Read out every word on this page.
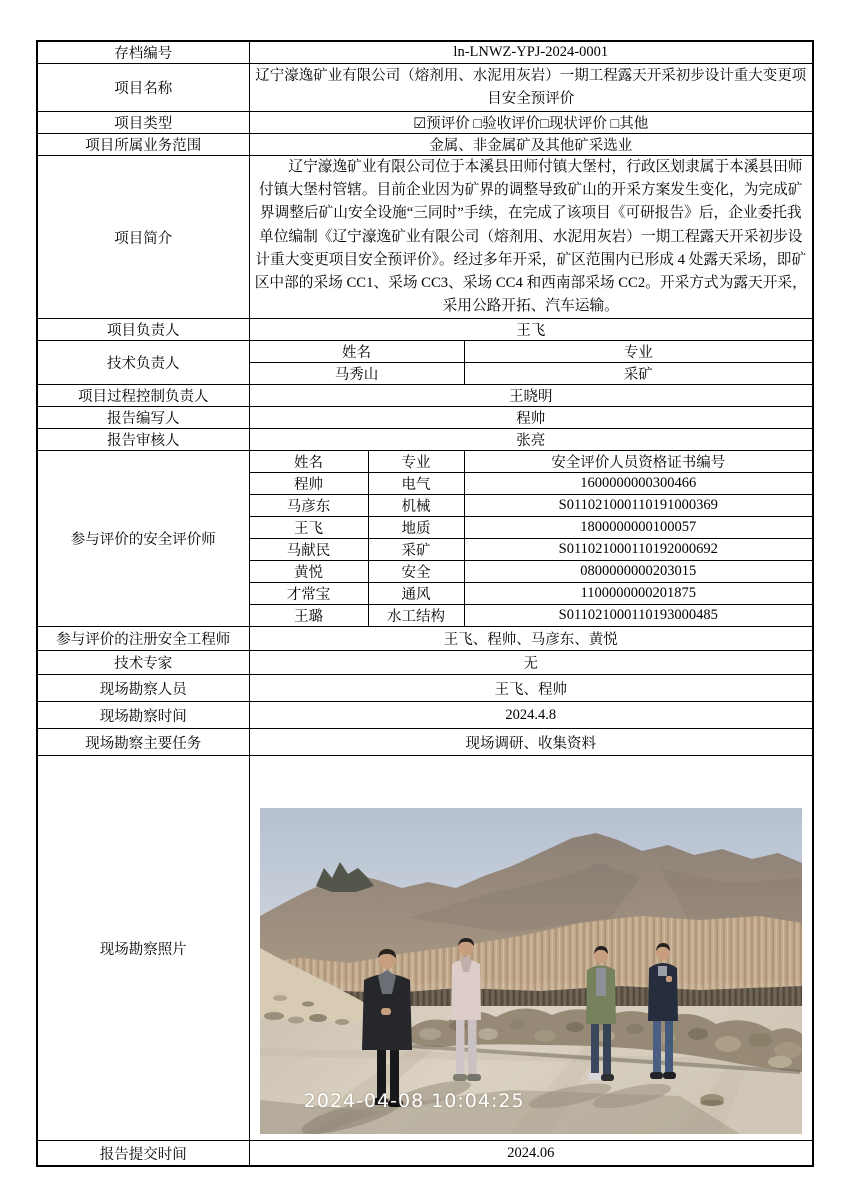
存档编号	ln-LNWZ-YPJ-2024-0001		
项目名称	辽宁濠逸矿业有限公司（熔剂用、水泥用灰岩）一期工程露天开采初步设计重大变更项目安全预评价		
项目类型	☑预评价 □验收评价□现状评价 □其他		
项目所属业务范围	金属、非金属矿及其他矿采选业		
项目简介	辽宁濠逸矿业有限公司位于本溪县田师付镇大堡村，行政区划隶属于本溪县田师付镇大堡村管辖。目前企业因为矿界的调整导致矿山的开采方案发生变化，为完成矿界调整后矿山安全设施“三同时”手续，在完成了该项目《可研报告》后，企业委托我单位编制《辽宁濠逸矿业有限公司（熔剂用、水泥用灰岩）一期工程露天开采初步设计重大变更项目安全预评价》。经过多年开采，矿区范围内已形成 4 处露天采场，即矿区中部的采场 CC1、采场 CC3、采场 CC4 和西南部采场 CC2。开采方式为露天开采，采用公路开拓、汽车运输。		
项目负责人	王飞		
技术负责人	姓名		专业
	马秀山		采矿
项目过程控制负责人	王晓明		
报告编写人	程帅		
报告审核人	张亮		
参与评价的安全评价师	姓名	专业	安全评价人员资格证书编号
	程帅	电气	1600000000300466
	马彦东	机械	S011021000110191000369
	王飞	地质	1800000000100057
	马献民	采矿	S011021000110192000692
	黄悦	安全	0800000000203015
	才常宝	通风	1100000000201875
	王璐	水工结构	S011021000110193000485
参与评价的注册安全工程师	王飞、程帅、马彦东、黄悦		
技术专家	无		
现场勘察人员	王飞、程帅		
现场勘察时间	2024.4.8		
现场勘察主要任务	现场调研、收集资料		
现场勘察照片	2024-04-08 10:04:25		

报告提交时间	2024.06		
